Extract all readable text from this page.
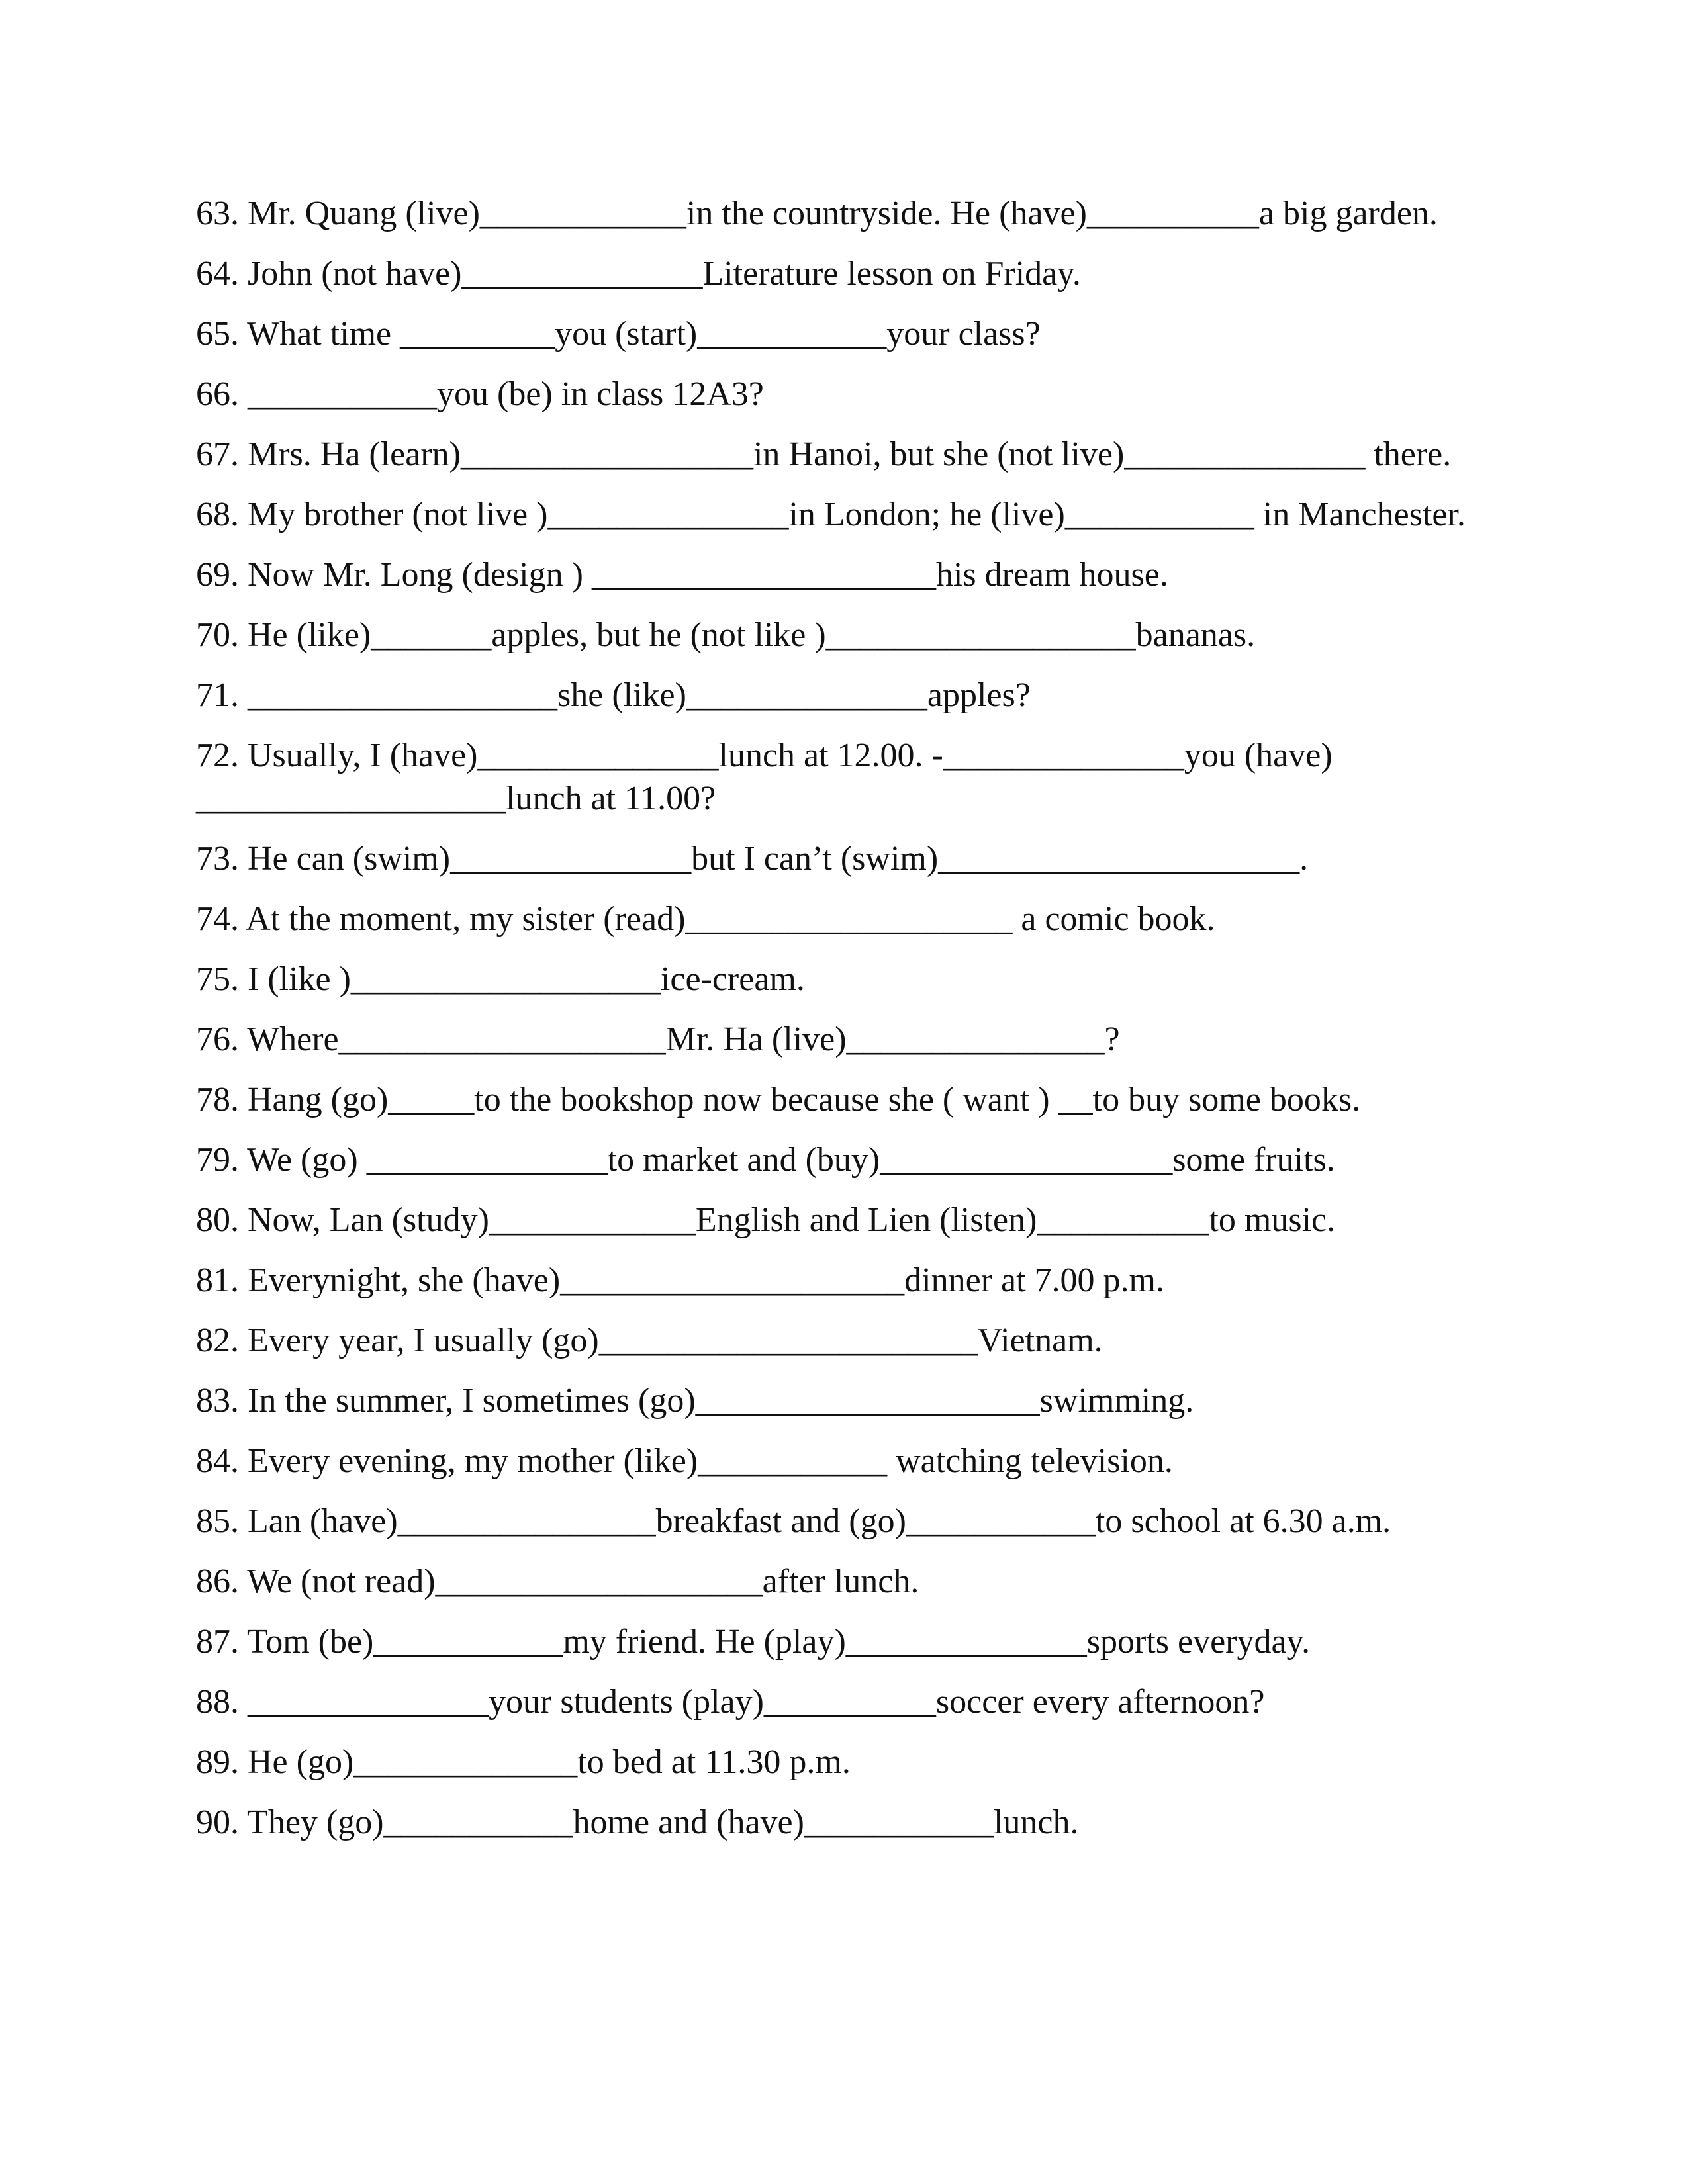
63. Mr. Quang (live)____________in the countryside. He (have)__________a big garden.
64. John (not have)______________Literature lesson on Friday.
65. What time _________you (start)___________your class?
66. ___________you (be) in class 12A3?
67. Mrs. Ha (learn)_________________in Hanoi, but she (not live)______________ there.
68. My brother (not live )______________in London; he (live)___________ in Manchester.
69. Now Mr. Long (design ) ____________________his dream house.
70. He (like)_______apples, but he (not like )__________________bananas.
71. __________________she (like)______________apples?
72. Usually, I (have)______________lunch at 12.00. -______________you (have) __________________lunch at 11.00?
73. He can (swim)______________but I can’t (swim)_____________________.
74. At the moment, my sister (read)___________________ a comic book.
75. I (like )__________________ice-cream.
76. Where___________________Mr. Ha (live)_______________?
78. Hang (go)_____to the bookshop now because she ( want ) __to buy some books.
79. We (go) ______________to market and (buy)_________________some fruits.
80. Now, Lan (study)____________English and Lien (listen)__________to music.
81. Everynight, she (have)____________________dinner at 7.00 p.m.
82. Every year, I usually (go)______________________Vietnam.
83. In the summer, I sometimes (go)____________________swimming.
84. Every evening, my mother (like)___________ watching television.
85. Lan (have)_______________breakfast and (go)___________to school at 6.30 a.m.
86. We (not read)___________________after lunch.
87. Tom (be)___________my friend. He (play)______________sports everyday.
88. ______________your students (play)__________soccer every afternoon?
89. He (go)_____________to bed at 11.30 p.m.
90. They (go)___________home and (have)___________lunch.
